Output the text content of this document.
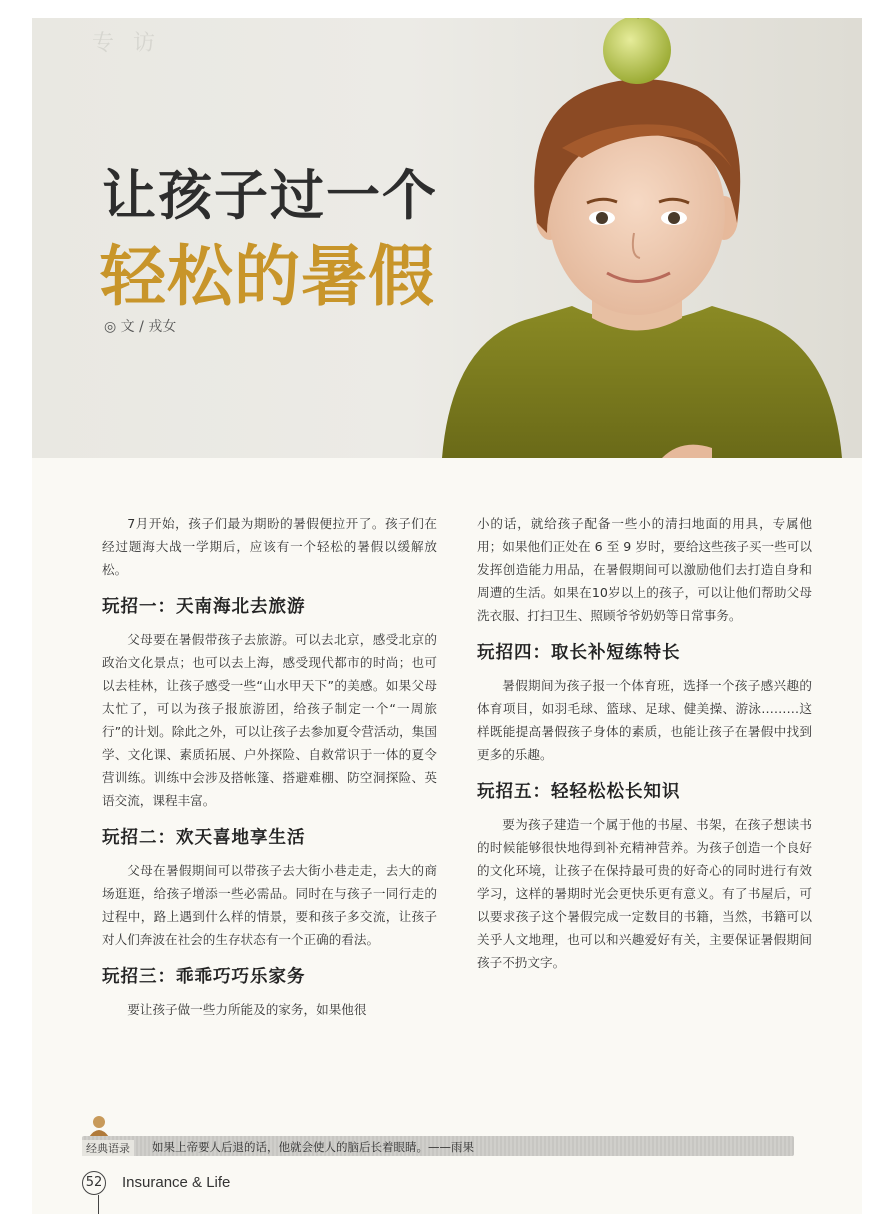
专 访
让孩子过一个
轻松的暑假
◎ 文 / 戎女

7月开始，孩子们最为期盼的暑假便拉开了。孩子们在经过题海大战一学期后，应该有一个轻松的暑假以缓解放松。

玩招一：天南海北去旅游

父母要在暑假带孩子去旅游。可以去北京，感受北京的政治文化景点；也可以去上海，感受现代都市的时尚；也可以去桂林，让孩子感受一些“山水甲天下”的美感。如果父母太忙了，可以为孩子报旅游团，给孩子制定一个“一周旅行”的计划。除此之外，可以让孩子去参加夏令营活动，集国学、文化课、素质拓展、户外探险、自救常识于一体的夏令营训练。训练中会涉及搭帐篷、搭避难棚、防空洞探险、英语交流，课程丰富。

玩招二：欢天喜地享生活

父母在暑假期间可以带孩子去大街小巷走走，去大的商场逛逛，给孩子增添一些必需品。同时在与孩子一同行走的过程中，路上遇到什么样的情景，要和孩子多交流，让孩子对人们奔波在社会的生存状态有一个正确的看法。

玩招三：乖乖巧巧乐家务

要让孩子做一些力所能及的家务，如果他很

小的话，就给孩子配备一些小的清扫地面的用具，专属他用；如果他们正处在 6 至 9 岁时，要给这些孩子买一些可以发挥创造能力用品，在暑假期间可以激励他们去打造自身和周遭的生活。如果在10岁以上的孩子，可以让他们帮助父母洗衣服、打扫卫生、照顾爷爷奶奶等日常事务。

玩招四：取长补短练特长

暑假期间为孩子报一个体育班，选择一个孩子感兴趣的体育项目，如羽毛球、篮球、足球、健美操、游泳………这样既能提高暑假孩子身体的素质，也能让孩子在暑假中找到更多的乐趣。

玩招五：轻轻松松长知识

要为孩子建造一个属于他的书屋、书架，在孩子想读书的时候能够很快地得到补充精神营养。为孩子创造一个良好的文化环境，让孩子在保持最可贵的好奇心的同时进行有效学习，这样的暑期时光会更快乐更有意义。有了书屋后，可以要求孩子这个暑假完成一定数目的书籍，当然，书籍可以关乎人文地理，也可以和兴趣爱好有关，主要保证暑假期间孩子不扔文字。

经典语录	如果上帝要人后退的话，他就会使人的脑后长着眼睛。——雨果
52 Insurance & Life
